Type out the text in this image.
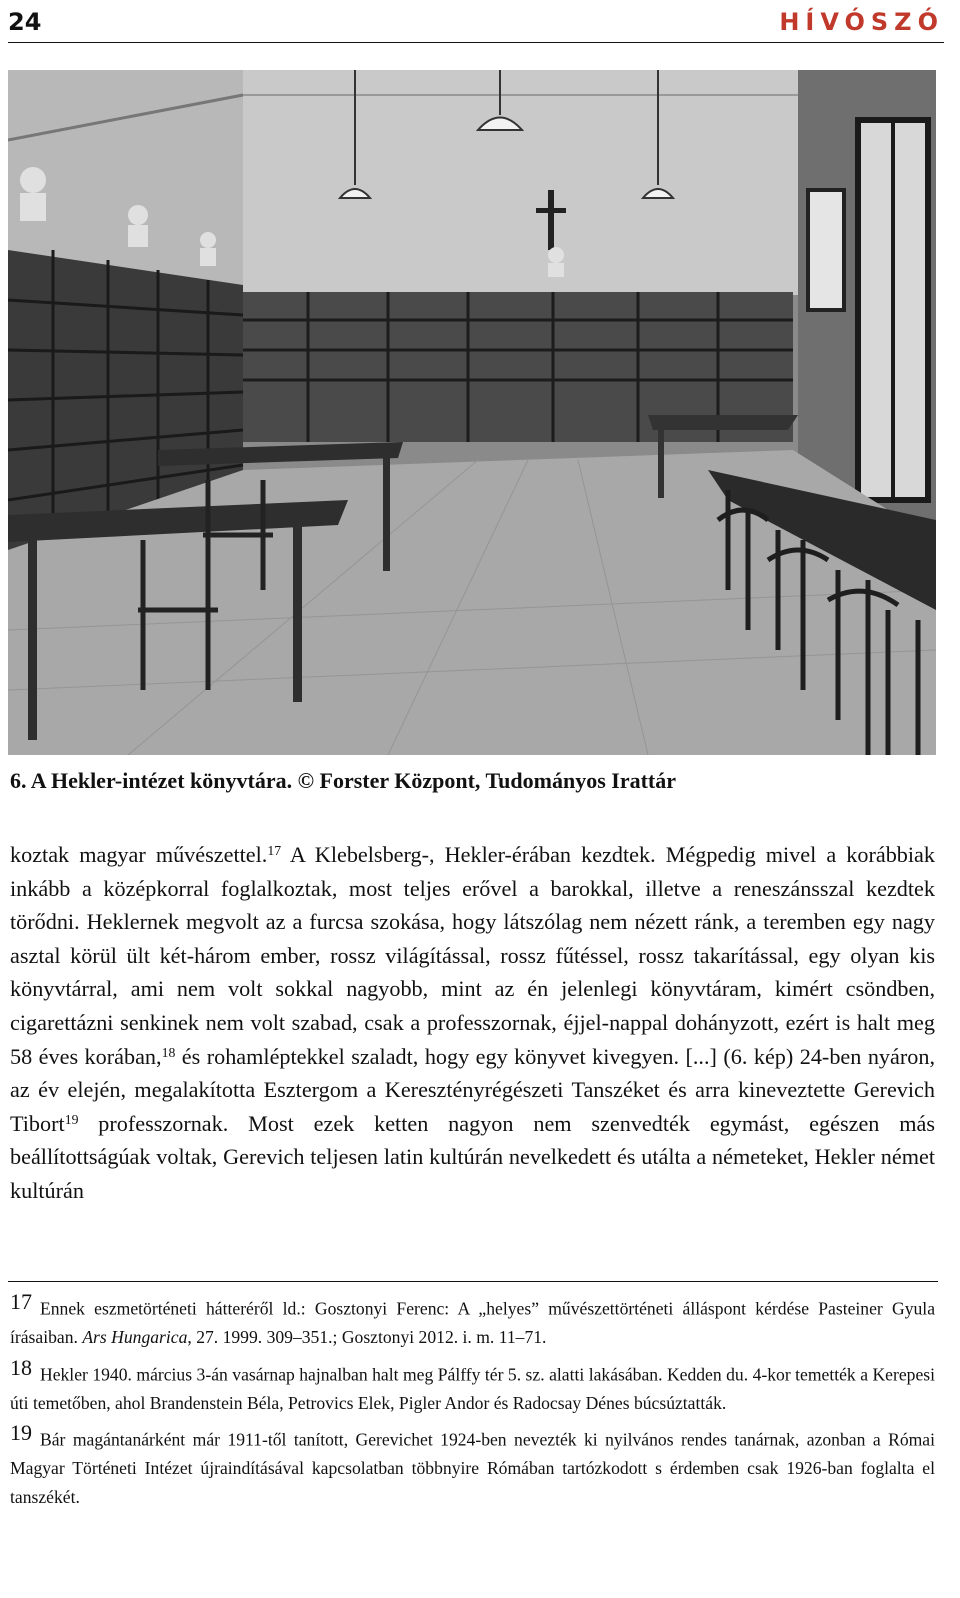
24	HÍVÓSZÓ
6. A Hekler-intézet könyvtára. © Forster Központ, Tudományos Irattár

koztak magyar művészettel.$^{17}$ A Klebelsberg-, Hekler-érában kezdtek. Mégpedig mivel a korábbiak inkább a középkorral foglalkoztak, most teljes erővel a barokkal, illetve a reneszánsszal kezdtek törődni. Heklernek megvolt az a furcsa szokása, hogy látszólag nem nézett ránk, a teremben egy nagy asztal körül ült két-három ember, rossz világítással, rossz fűtéssel, rossz takarítással, egy olyan kis könyvtárral, ami nem volt sokkal nagyobb, mint az én jelenlegi könyvtáram, kimért csöndben, cigarettázni senkinek nem volt szabad, csak a professzornak, éjjel-nappal dohányzott, ezért is halt meg 58 éves korában,$^{18}$ és rohamléptekkel szaladt, hogy egy könyvet kivegyen. [...] (6. kép) 24-ben nyáron, az év elején, megalakította Esztergom a Keresztényrégészeti Tanszéket és arra kineveztette Gerevich Tibort$^{19}$ professzornak. Most ezek ketten nagyon nem szenvedték egymást, egészen más beállítottságúak voltak, Gerevich teljesen latin kultúrán nevelkedett és utálta a németeket, Hekler német kultúrán

17 Ennek eszmetörténeti hátteréről ld.: Gosztonyi Ferenc: A „helyes” művészettörténeti álláspont kérdése Pasteiner Gyula írásaiban. Ars Hungarica, 27. 1999. 309–351.; Gosztonyi 2012. i. m. 11–71.

18 Hekler 1940. március 3-án vasárnap hajnalban halt meg Pálffy tér 5. sz. alatti lakásában. Kedden du. 4-kor temették a Kerepesi úti temetőben, ahol Brandenstein Béla, Petrovics Elek, Pigler Andor és Radocsay Dénes búcsúztatták.

19 Bár magántanárként már 1911-től tanított, Gerevichet 1924-ben nevezték ki nyilvános rendes tanárnak, azonban a Római Magyar Történeti Intézet újraindításával kapcsolatban többnyire Rómában tartózkodott s érdemben csak 1926-ban foglalta el tanszékét.
